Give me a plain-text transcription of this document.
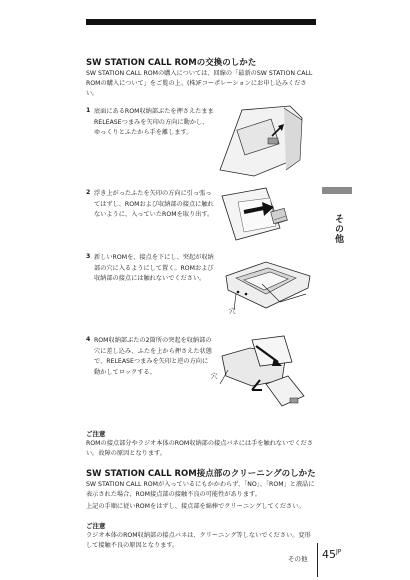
SW STATION CALL ROMの交換のしかた
SW STATION CALL ROMの購入については、回線の「最新のSW STATION CALL ROMの購入について」をご覧の上、(株)Fコーポレーションにお申し込みください。
1 底面にあるROM収納部ぶたを押さえたままRELEASEつまみを矢印の方向に動かし、ゆっくりとふたから手を離します。
2 浮き上がったふたを矢印の方向に引っ張ってはずし、ROMおよび収納部の接点に触れないように、入っていたROMを取り出す。
3 新しいROMを、接点を下にし、突起が収納部の穴に入るようにして置く。ROMおよび収納部の接点には触れないでください。
穴
4 ROM収納部ぶたの2箇所の突起を収納部の穴に差し込み、ふたを上から押さえた状態で、RELEASEつまみを矢印と逆の方向に動かしてロックする。	穴
ご注意
ROMの接点部分やラジオ本体のROM収納部の接点バネには手を触れないでください。故障の原因となります。
SW STATION CALL ROM接点部のクリーニングのしかた
SW STATION CALL ROMが入っているにもかかわらず、「NO」、「ROM」と液晶に表示された場合、ROM接点部の接触不良の可能性があります。
上記の手順に従いROMをはずし、接点部を綿棒でクリーニングしてください。
ご注意
ラジオ本体のROM収納部の接点バネは、クリーニング等しないでください。変形して接触不良の原因となります。
その他
その他 $45^{JP}$
